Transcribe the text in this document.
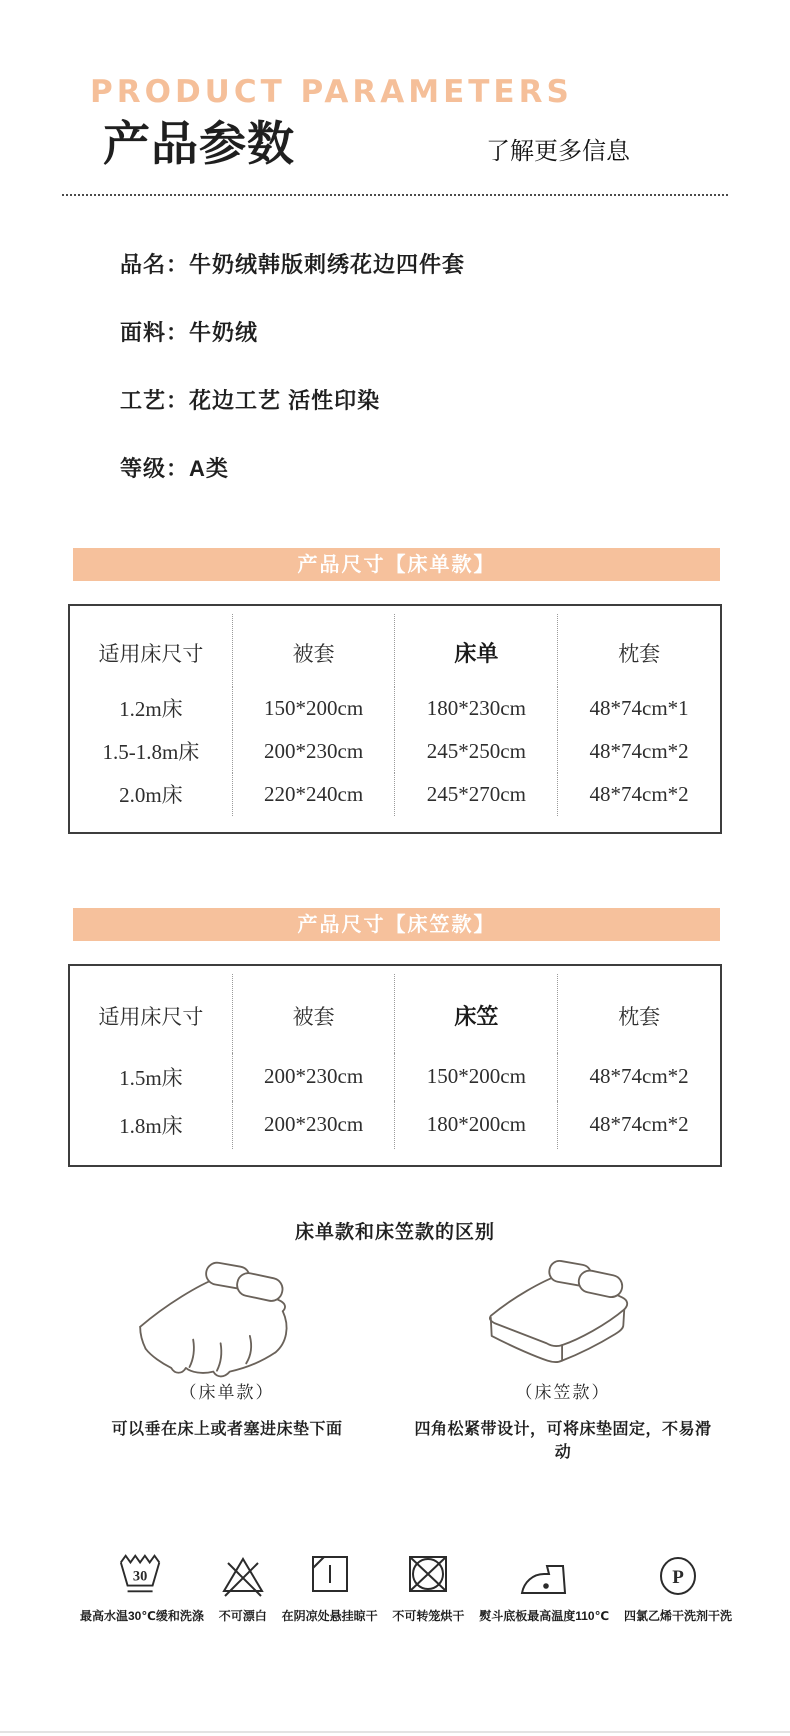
PRODUCT PARAMETERS
产品参数	了解更多信息
品名：牛奶绒韩版刺绣花边四件套
面料：牛奶绒
工艺：花边工艺 活性印染
等级：A类
产品尺寸【床单款】
适用床尺寸	被套	床单	枕套
1.2m床	150*200cm	180*230cm	48*74cm*1
1.5-1.8m床	200*230cm	245*250cm	48*74cm*2
2.0m床	220*240cm	245*270cm	48*74cm*2
产品尺寸【床笠款】
适用床尺寸	被套	床笠	枕套
1.5m床	200*230cm	150*200cm	48*74cm*2
1.8m床	200*230cm	180*200cm	48*74cm*2
床单款和床笠款的区别
（床单款）
可以垂在床上或者塞进床垫下面
（床笠款）
四角松紧带设计，可将床垫固定，不易滑动
30
最高水温30℃缓和洗涤 不可漂白 在阴凉处悬挂晾干 不可转笼烘干 熨斗底板最高温度110℃
P
四氯乙烯干洗剂干洗
